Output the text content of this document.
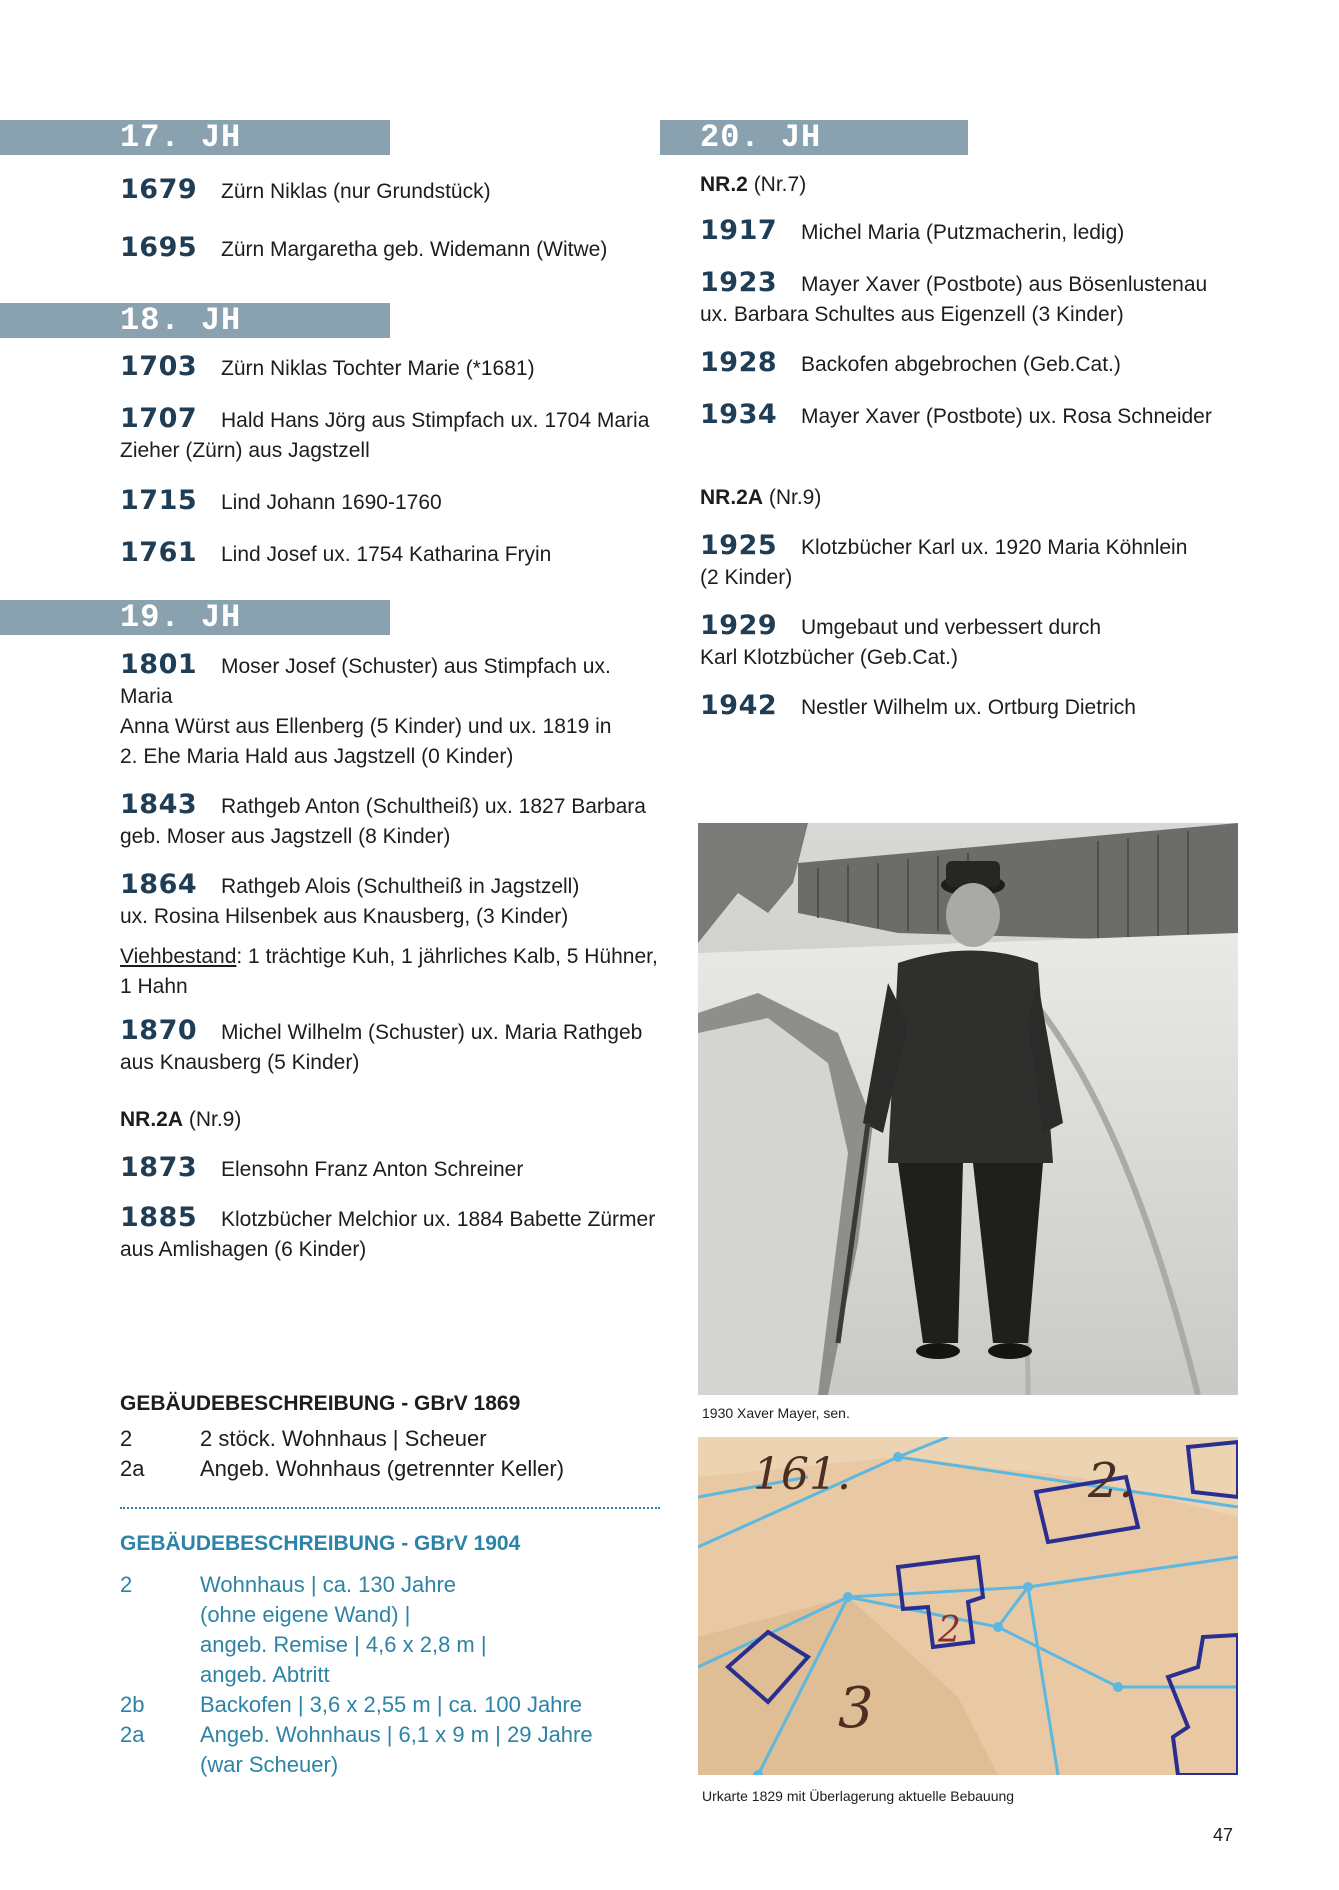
17. JH
18. JH
19. JH
20. JH

1679 Zürn Niklas (nur Grundstück)

1695 Zürn Margaretha geb. Widemann (Witwe)

1703 Zürn Niklas Tochter Marie (*1681)

1707 Hald Hans Jörg aus Stimpfach ux. 1704 Maria
Zieher (Zürn) aus Jagstzell

1715 Lind Johann 1690-1760

1761 Lind Josef ux. 1754 Katharina Fryin

1801 Moser Josef (Schuster) aus Stimpfach ux. Maria
Anna Würst aus Ellenberg (5 Kinder) und ux. 1819 in
2. Ehe Maria Hald aus Jagstzell (0 Kinder)

1843 Rathgeb Anton (Schultheiß) ux. 1827 Barbara
geb. Moser aus Jagstzell (8 Kinder)

1864 Rathgeb Alois (Schultheiß in Jagstzell)
ux. Rosina Hilsenbek aus Knausberg, (3 Kinder)

Viehbestand: 1 trächtige Kuh, 1 jährliches Kalb, 5 Hühner,
1 Hahn

1870 Michel Wilhelm (Schuster) ux. Maria Rathgeb
aus Knausberg (5 Kinder)

NR.2A (Nr.9)

1873 Elensohn Franz Anton Schreiner

1885 Klotzbücher Melchior ux. 1884 Babette Zürmer
aus Amlishagen (6 Kinder)

GEBÄUDEBESCHREIBUNG - GBrV 1869
2	2 stöck. Wohnhaus | Scheuer
2a	Angeb. Wohnhaus (getrennter Keller)
GEBÄUDEBESCHREIBUNG - GBrV 1904
2	Wohnhaus | ca. 130 Jahre
(ohne eigene Wand) |
angeb. Remise | 4,6 x 2,8 m |
angeb. Abtritt
2b	Backofen | 3,6 x 2,55 m | ca. 100 Jahre
2a	Angeb. Wohnhaus | 6,1 x 9 m | 29 Jahre
(war Scheuer)

NR.2 (Nr.7)

1917 Michel Maria (Putzmacherin, ledig)

1923 Mayer Xaver (Postbote) aus Bösenlustenau
ux. Barbara Schultes aus Eigenzell (3 Kinder)

1928 Backofen abgebrochen (Geb.Cat.)

1934 Mayer Xaver (Postbote) ux. Rosa Schneider

NR.2A (Nr.9)

1925 Klotzbücher Karl ux. 1920 Maria Köhnlein
(2 Kinder)

1929 Umgebaut und verbessert durch
Karl Klotzbücher (Geb.Cat.)

1942 Nestler Wilhelm ux. Ortburg Dietrich

1930 Xaver Mayer, sen.
161.	2.
3
2
Urkarte 1829 mit Überlagerung aktuelle Bebauung
47
